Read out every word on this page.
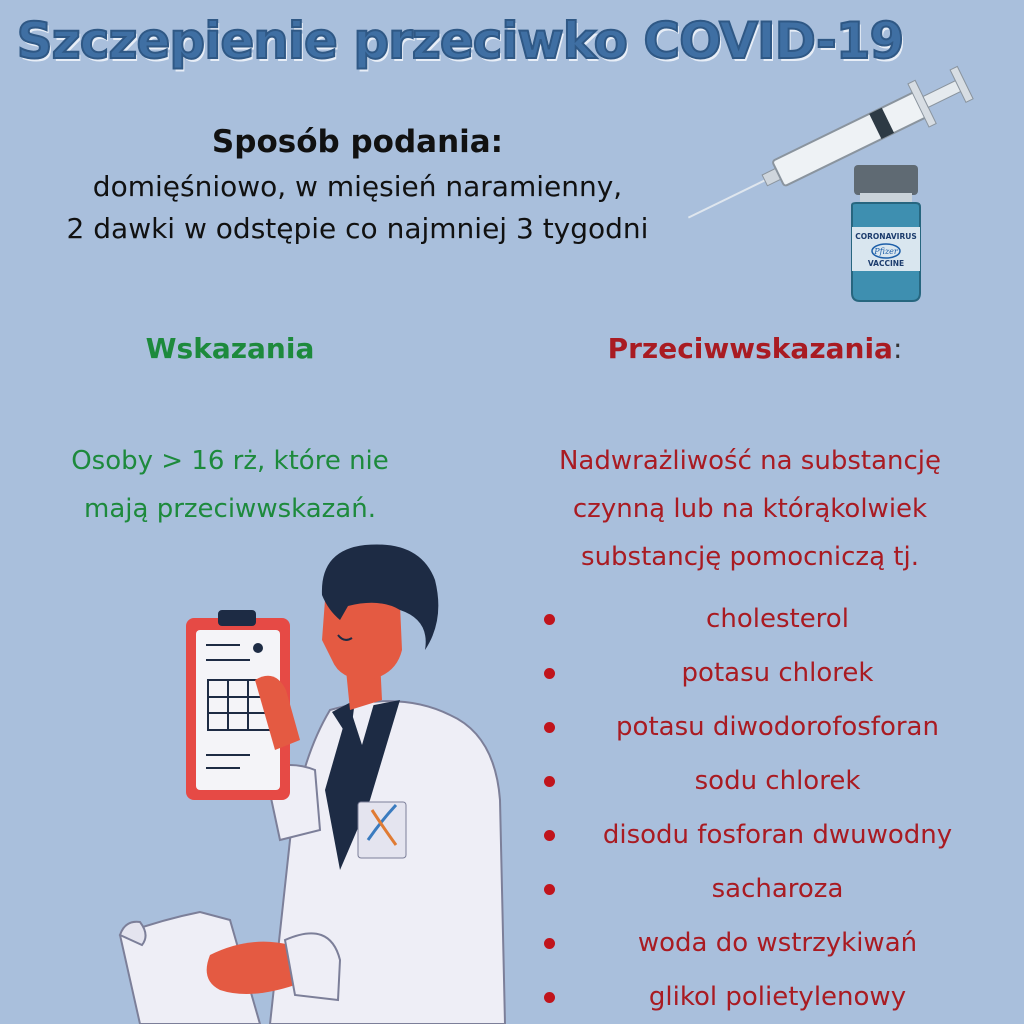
Szczepienie przeciwko COVID-19
Sposób podania:
domięśniowo, w mięsień naramienny,
2 dawki w odstępie co najmniej 3 tygodni	CORONAVIRUS
Pfizer
VACCINE
Wskazania	Przeciwwskazania:
Osoby > 16 rż, które nie
mają przeciwwskazań.
Nadwrażliwość na substancję
czynną lub na którąkolwiek
substancję pomocniczą tj.
cholesterol
potasu chlorek
potasu diwodorofosforan
sodu chlorek
disodu fosforan dwuwodny
sacharoza
woda do wstrzykiwań
glikol polietylenowy
